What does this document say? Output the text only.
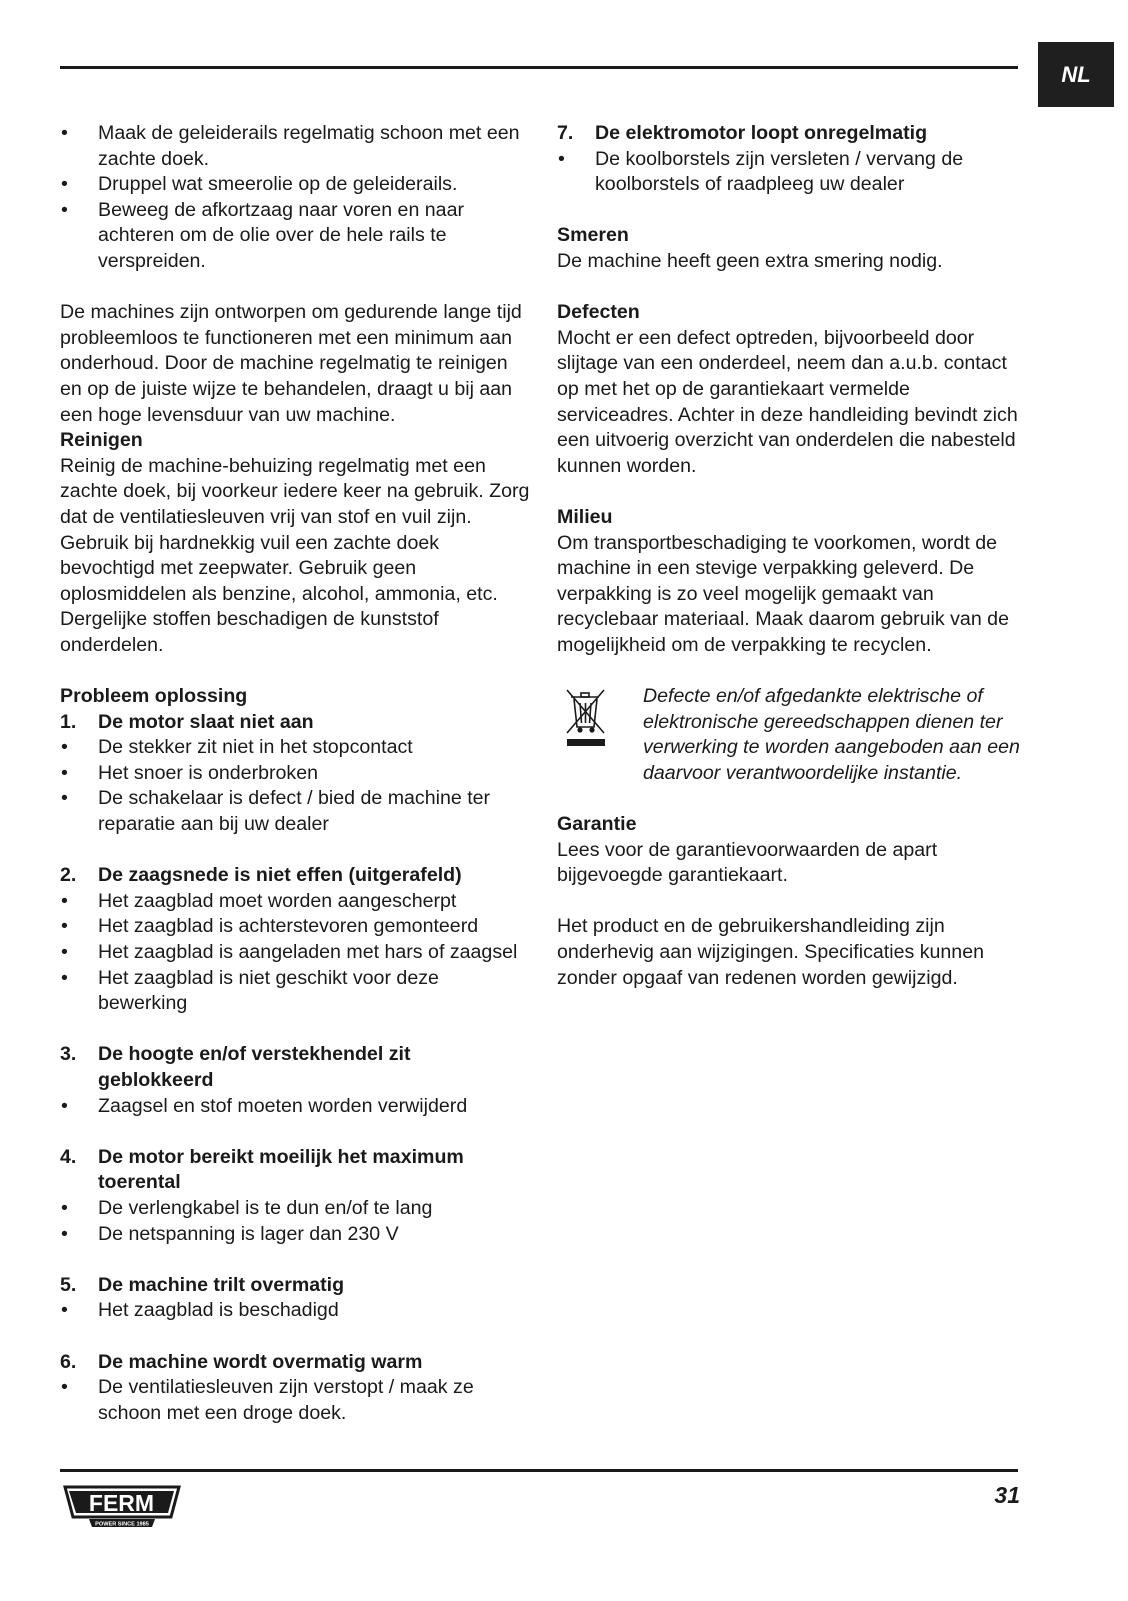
NL
• Maak de geleiderails regelmatig schoon met een zachte doek.
• Druppel wat smeerolie op de geleiderails.
• Beweeg de afkortzaag naar voren en naar achteren om de olie over de hele rails te verspreiden.

De machines zijn ontworpen om gedurende lange tijd probleemloos te functioneren met een minimum aan onderhoud. Door de machine regelmatig te reinigen en op de juiste wijze te behandelen, draagt u bij aan een hoge levensduur van uw machine.

Reinigen

Reinig de machine-behuizing regelmatig met een zachte doek, bij voorkeur iedere keer na gebruik. Zorg dat de ventilatiesleuven vrij van stof en vuil zijn. Gebruik bij hardnekkig vuil een zachte doek bevochtigd met zeepwater. Gebruik geen oplosmiddelen als benzine, alcohol, ammonia, etc. Dergelijke stoffen beschadigen de kunststof onderdelen.

Probleem oplossing

1. De motor slaat niet aan
• De stekker zit niet in het stopcontact
• Het snoer is onderbroken
• De schakelaar is defect / bied de machine ter reparatie aan bij uw dealer
2. De zaagsnede is niet effen (uitgerafeld)
• Het zaagblad moet worden aangescherpt
• Het zaagblad is achterstevoren gemonteerd
• Het zaagblad is aangeladen met hars of zaagsel
• Het zaagblad is niet geschikt voor deze bewerking
3. De hoogte en/of verstekhendel zit geblokkeerd
• Zaagsel en stof moeten worden verwijderd
4. De motor bereikt moeilijk het maximum toerental
• De verlengkabel is te dun en/of te lang
• De netspanning is lager dan 230 V
5. De machine trilt overmatig
• Het zaagblad is beschadigd
6. De machine wordt overmatig warm
• De ventilatiesleuven zijn verstopt / maak ze schoon met een droge doek.
7. De elektromotor loopt onregelmatig
• De koolborstels zijn versleten / vervang de koolborstels of raadpleeg uw dealer

Smeren

De machine heeft geen extra smering nodig.

Defecten

Mocht er een defect optreden, bijvoorbeeld door slijtage van een onderdeel, neem dan a.u.b. contact op met het op de garantiekaart vermelde serviceadres. Achter in deze handleiding bevindt zich een uitvoerig overzicht van onderdelen die nabesteld kunnen worden.

Milieu

Om transportbeschadiging te voorkomen, wordt de machine in een stevige verpakking geleverd. De verpakking is zo veel mogelijk gemaakt van recyclebaar materiaal. Maak daarom gebruik van de mogelijkheid om de verpakking te recyclen.

Defecte en/of afgedankte elektrische of elektronische gereedschappen dienen ter verwerking te worden aangeboden aan een daarvoor verantwoordelijke instantie.

Garantie

Lees voor de garantievoorwaarden de apart bijgevoegde garantiekaart.

Het product en de gebruikershandleiding zijn onderhevig aan wijzigingen. Specificaties kunnen zonder opgaaf van redenen worden gewijzigd.

FERM
POWER SINCE 1985
31
